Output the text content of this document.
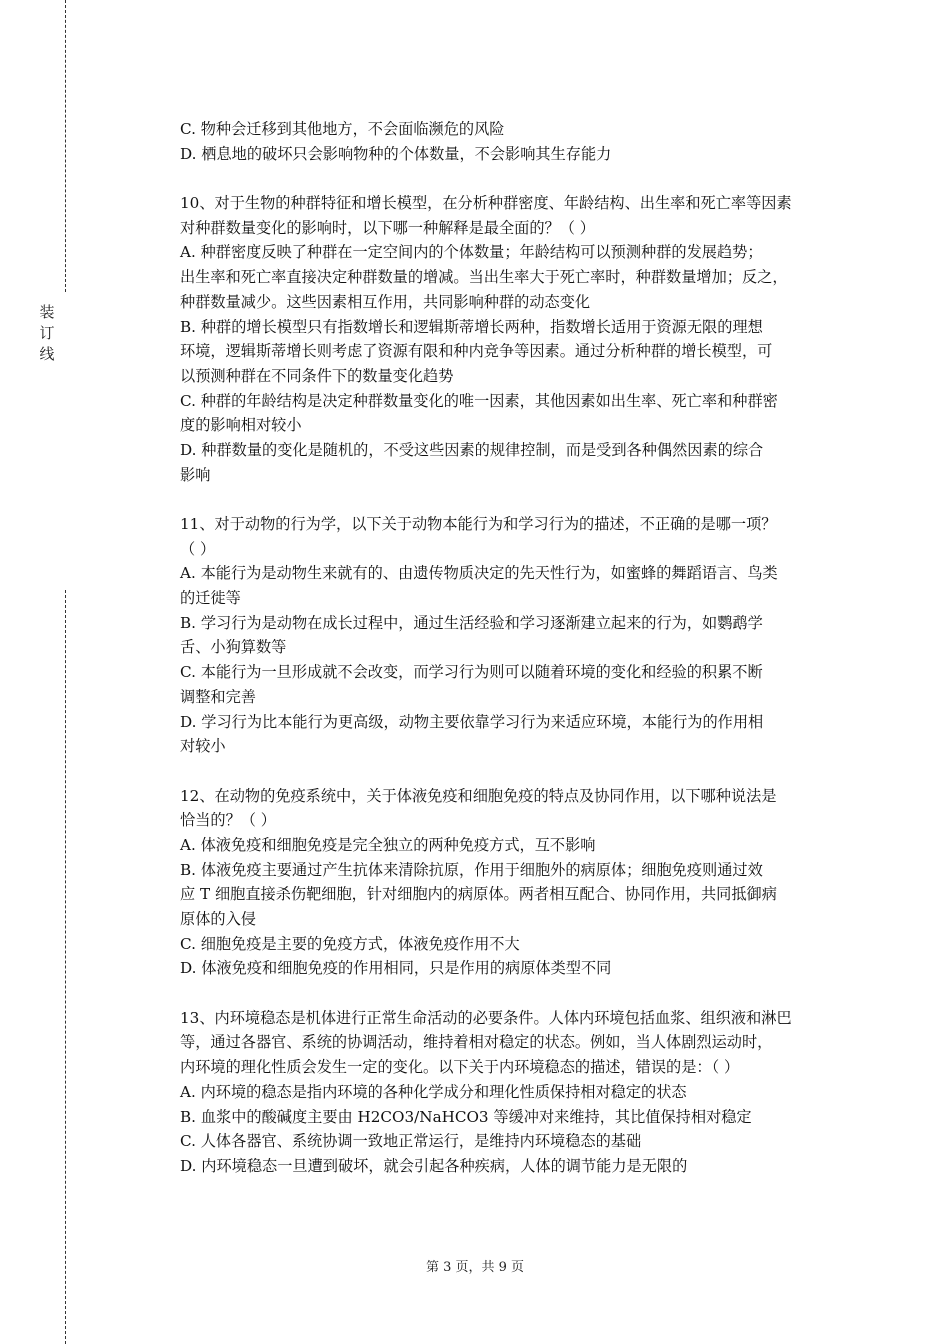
装
订
线
C. 物种会迁移到其他地方，不会面临濒危的风险
D. 栖息地的破坏只会影响物种的个体数量，不会影响其生存能力
10、对于生物的种群特征和增长模型，在分析种群密度、年龄结构、出生率和死亡率等因素
对种群数量变化的影响时，以下哪一种解释是最全面的？（ ）
A. 种群密度反映了种群在一定空间内的个体数量；年龄结构可以预测种群的发展趋势；
出生率和死亡率直接决定种群数量的增减。当出生率大于死亡率时，种群数量增加；反之，
种群数量减少。这些因素相互作用，共同影响种群的动态变化
B. 种群的增长模型只有指数增长和逻辑斯蒂增长两种，指数增长适用于资源无限的理想
环境，逻辑斯蒂增长则考虑了资源有限和种内竞争等因素。通过分析种群的增长模型，可
以预测种群在不同条件下的数量变化趋势
C. 种群的年龄结构是决定种群数量变化的唯一因素，其他因素如出生率、死亡率和种群密
度的影响相对较小
D. 种群数量的变化是随机的，不受这些因素的规律控制，而是受到各种偶然因素的综合
影响
11、对于动物的行为学，以下关于动物本能行为和学习行为的描述，不正确的是哪一项？
（ ）
A. 本能行为是动物生来就有的、由遗传物质决定的先天性行为，如蜜蜂的舞蹈语言、鸟类
的迁徙等
B. 学习行为是动物在成长过程中，通过生活经验和学习逐渐建立起来的行为，如鹦鹉学
舌、小狗算数等
C. 本能行为一旦形成就不会改变，而学习行为则可以随着环境的变化和经验的积累不断
调整和完善
D. 学习行为比本能行为更高级，动物主要依靠学习行为来适应环境，本能行为的作用相
对较小
12、在动物的免疫系统中，关于体液免疫和细胞免疫的特点及协同作用，以下哪种说法是
恰当的？（ ）
A. 体液免疫和细胞免疫是完全独立的两种免疫方式，互不影响
B. 体液免疫主要通过产生抗体来清除抗原，作用于细胞外的病原体；细胞免疫则通过效
应 T 细胞直接杀伤靶细胞，针对细胞内的病原体。两者相互配合、协同作用，共同抵御病
原体的入侵
C. 细胞免疫是主要的免疫方式，体液免疫作用不大
D. 体液免疫和细胞免疫的作用相同，只是作用的病原体类型不同
13、内环境稳态是机体进行正常生命活动的必要条件。人体内环境包括血浆、组织液和淋巴
等，通过各器官、系统的协调活动，维持着相对稳定的状态。例如，当人体剧烈运动时，
内环境的理化性质会发生一定的变化。以下关于内环境稳态的描述，错误的是：（ ）
A. 内环境的稳态是指内环境的各种化学成分和理化性质保持相对稳定的状态
B. 血浆中的酸碱度主要由 H2CO3/NaHCO3 等缓冲对来维持，其比值保持相对稳定
C. 人体各器官、系统协调一致地正常运行，是维持内环境稳态的基础
D. 内环境稳态一旦遭到破坏，就会引起各种疾病，人体的调节能力是无限的
第 3 页，共 9 页
